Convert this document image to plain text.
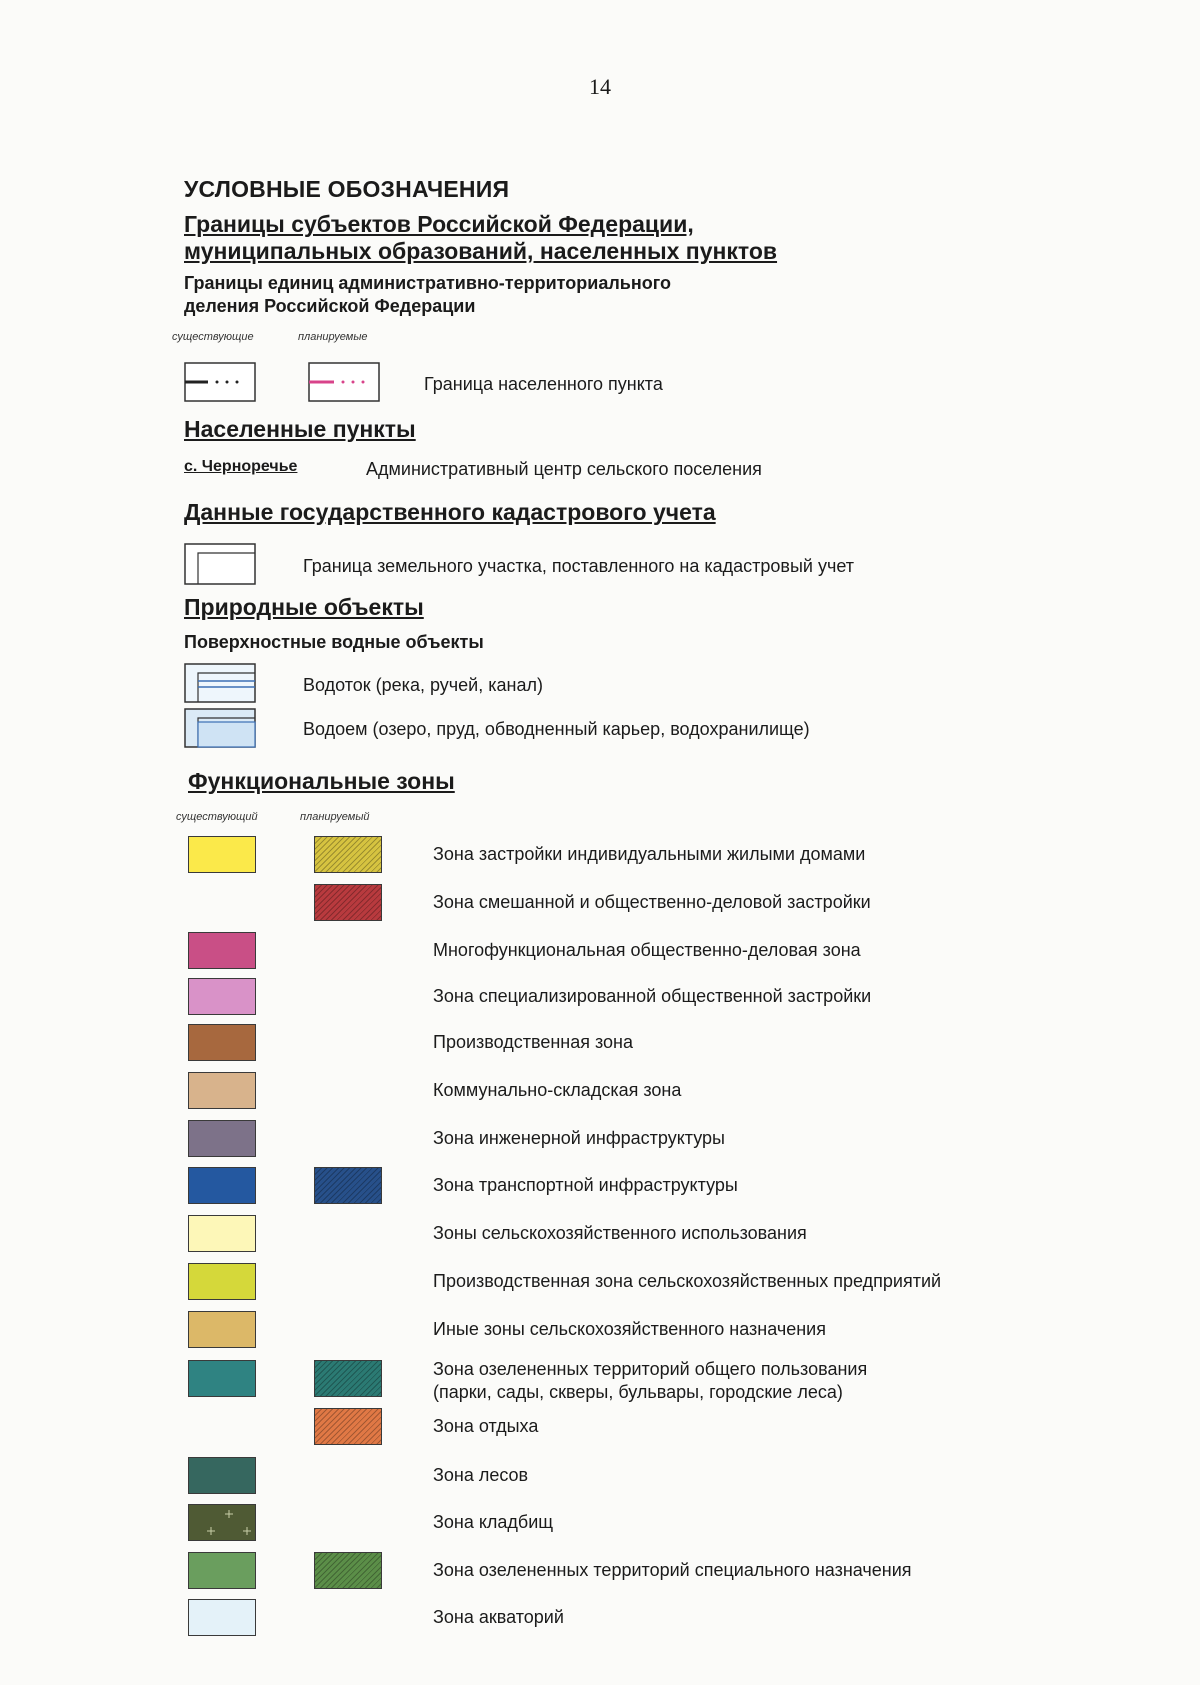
14
УСЛОВНЫЕ ОБОЗНАЧЕНИЯ
Границы субъектов Российской Федерации,
муниципальных образований, населенных пунктов
Границы единиц административно-территориального
деления Российской Федерации
существующие	планируемые
Граница населенного пункта
Населенные пункты
с. Черноречье	Административный центр сельского поселения
Данные государственного кадастрового учета
Граница земельного участка, поставленного на кадастровый учет
Природные объекты
Поверхностные водные объекты
Водоток (река, ручей, канал)
Водоем (озеро, пруд, обводненный карьер, водохранилище)
Функциональные зоны
существующий	планируемый
Зона застройки индивидуальными жилыми домами
Зона смешанной и общественно-деловой застройки
Многофункциональная общественно-деловая зона
Зона специализированной общественной застройки
Производственная зона
Коммунально-складская зона
Зона инженерной инфраструктуры
Зона транспортной инфраструктуры
Зоны сельскохозяйственного использования
Производственная зона сельскохозяйственных предприятий
Иные зоны сельскохозяйственного назначения
Зона озелененных территорий общего пользования
(парки, сады, скверы, бульвары, городские леса)
Зона отдыха
Зона лесов
Зона кладбищ
Зона озелененных территорий специального назначения
Зона акваторий
